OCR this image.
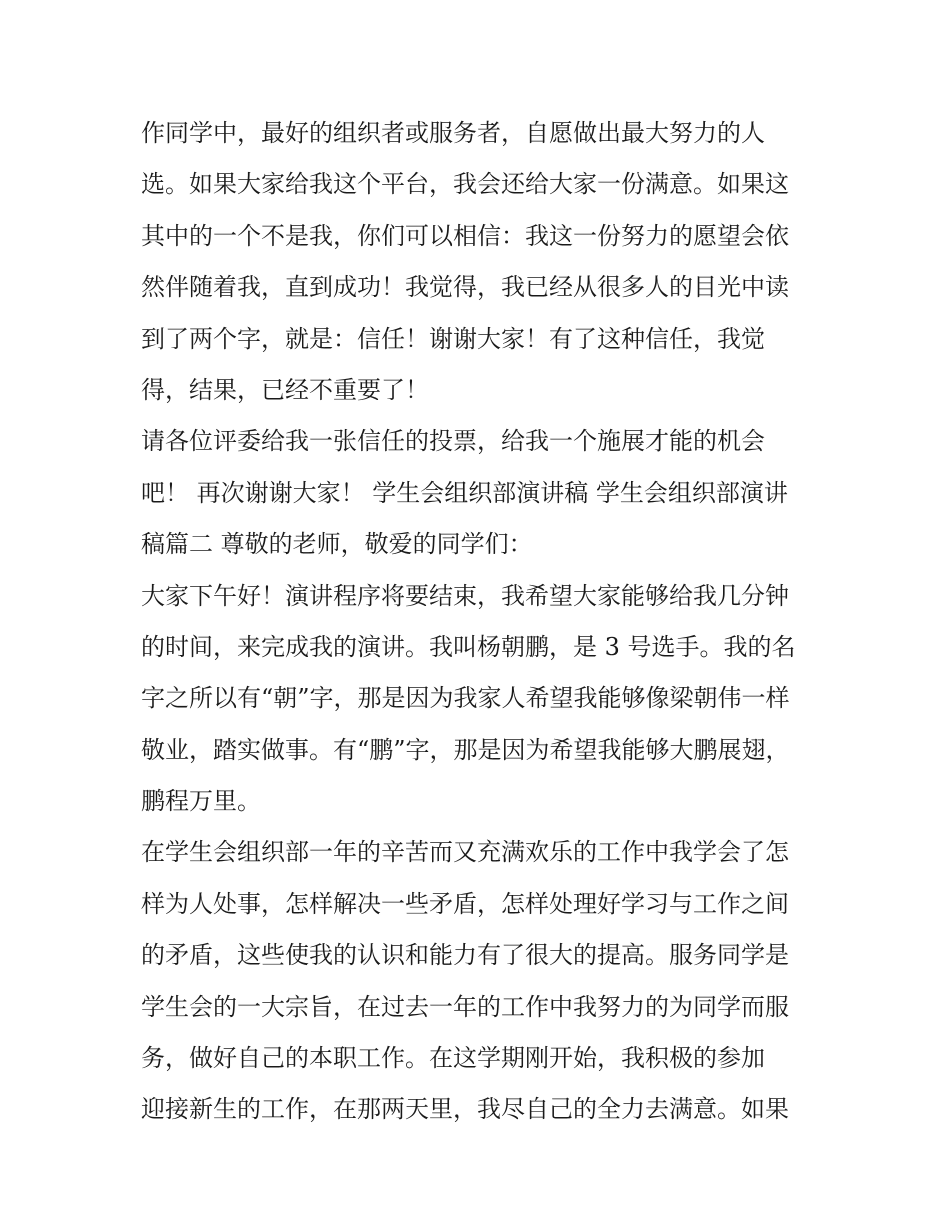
作同学中，最好的组织者或服务者，自愿做出最大努力的人
选。如果大家给我这个平台，我会还给大家一份满意。如果这
其中的一个不是我，你们可以相信：我这一份努力的愿望会依
然伴随着我，直到成功！我觉得，我已经从很多人的目光中读
到了两个字，就是：信任！谢谢大家！有了这种信任，我觉
得，结果，已经不重要了！
请各位评委给我一张信任的投票，给我一个施展才能的机会
吧！ 再次谢谢大家！ 学生会组织部演讲稿 学生会组织部演讲
稿篇二 尊敬的老师，敬爱的同学们：
大家下午好！演讲程序将要结束，我希望大家能够给我几分钟
的时间，来完成我的演讲。我叫杨朝鹏，是 3 号选手。我的名
字之所以有“朝”字，那是因为我家人希望我能够像梁朝伟一样
敬业，踏实做事。有“鹏”字，那是因为希望我能够大鹏展翅，
鹏程万里。
在学生会组织部一年的辛苦而又充满欢乐的工作中我学会了怎
样为人处事，怎样解决一些矛盾，怎样处理好学习与工作之间
的矛盾，这些使我的认识和能力有了很大的提高。服务同学是
学生会的一大宗旨，在过去一年的工作中我努力的为同学而服
务，做好自己的本职工作。在这学期刚开始，我积极的参加
迎接新生的工作，在那两天里，我尽自己的全力去满意。如果
